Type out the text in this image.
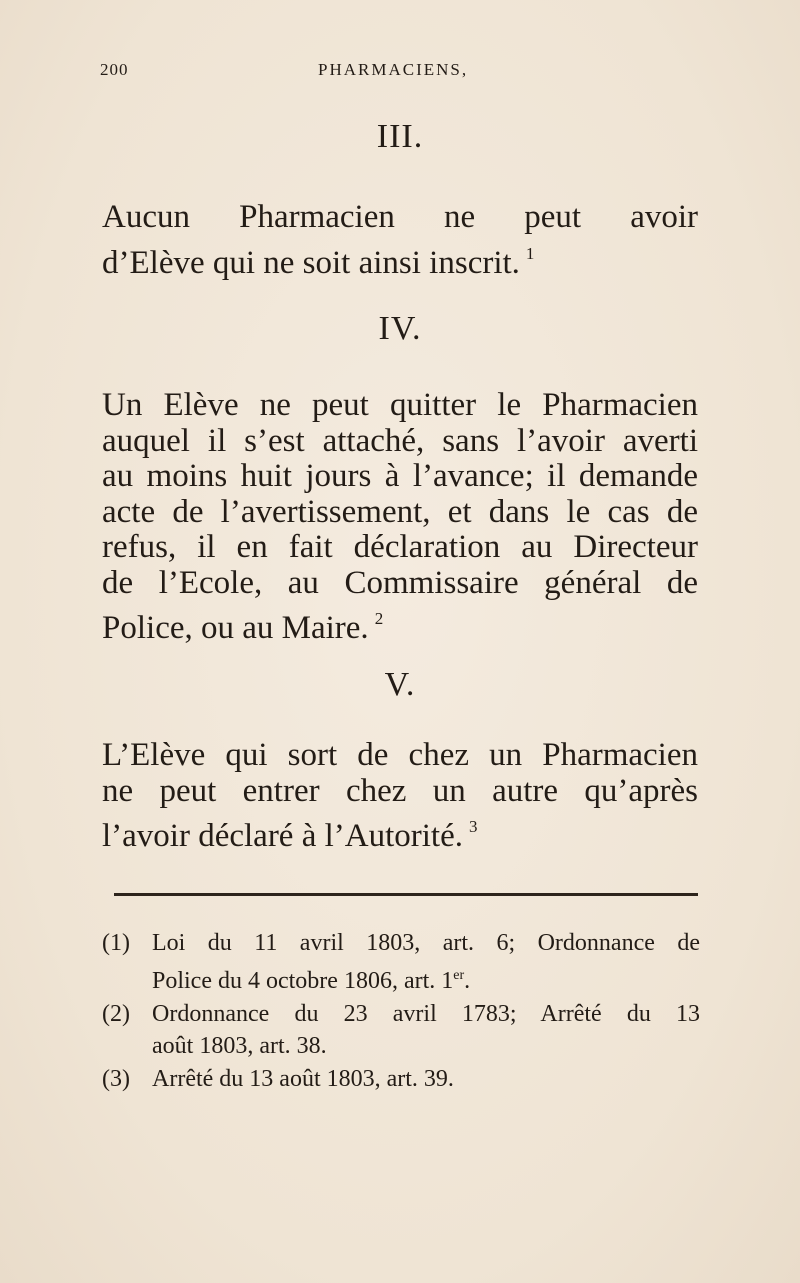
200	PHARMACIENS,
III.
Aucun Pharmacien ne peut avoir
d’Elève qui ne soit ainsi inscrit. $^1$
IV.
Un Elève ne peut quitter le Pharmacien
auquel il s’est attaché, sans l’avoir averti
au moins huit jours à l’avance; il demande
acte de l’avertissement, et dans le cas de
refus, il en fait déclaration au Directeur
de l’Ecole, au Commissaire général de
Police, ou au Maire. $^2$
V.
L’Elève qui sort de chez un Pharmacien
ne peut entrer chez un autre qu’après
l’avoir déclaré à l’Autorité. $^3$
(1) Loi du 11 avril 1803, art. 6; Ordonnance de
Police du 4 octobre 1806, art. 1er.
(2) Ordonnance du 23 avril 1783; Arrêté du 13
août 1803, art. 38.
(3) Arrêté du 13 août 1803, art. 39.
